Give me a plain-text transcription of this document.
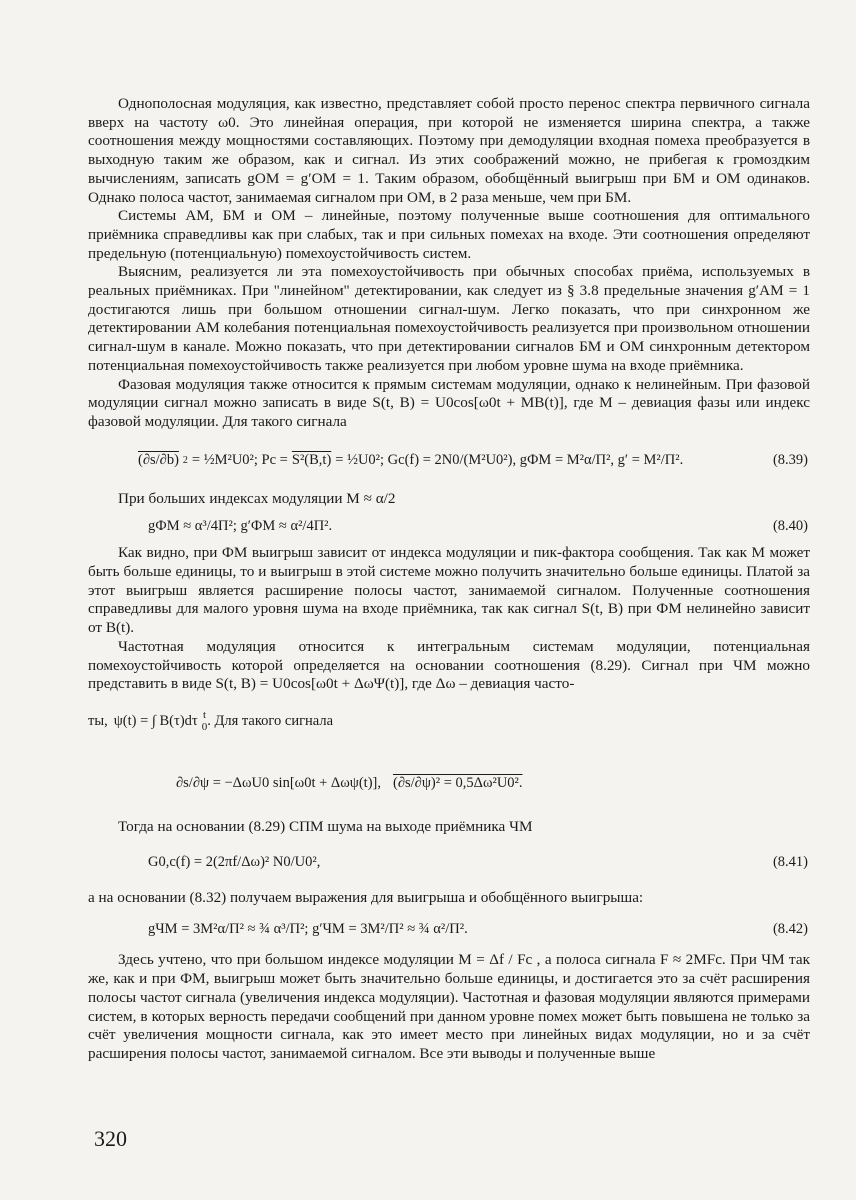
Однополосная модуляция, как известно, представляет собой просто перенос спектра первичного сигнала вверх на частоту ω0. Это линейная операция, при которой не изменяется ширина спектра, а также соотношения между мощностями составляющих. Поэтому при демодуляции входная помеха преобразуется в выходную таким же образом, как и сигнал. Из этих соображений можно, не прибегая к громоздким вычислениям, записать gОМ = g′ОМ = 1. Таким образом, обобщённый выигрыш при БМ и ОМ одинаков. Однако полоса частот, занимаемая сигналом при ОМ, в 2 раза меньше, чем при БМ.

Системы АМ, БМ и ОМ – линейные, поэтому полученные выше соотношения для оптимального приёмника справедливы как при слабых, так и при сильных помехах на входе. Эти соотношения определяют предельную (потенциальную) помехоустойчивость систем.

Выясним, реализуется ли эта помехоустойчивость при обычных способах приёма, используемых в реальных приёмниках. При "линейном" детектировании, как следует из § 3.8 предельные значения g′АМ = 1 достигаются лишь при большом отношении сигнал-шум. Легко показать, что при синхронном же детектировании АМ колебания потенциальная помехоустойчивость реализуется при произвольном отношении сигнал-шум в канале. Можно показать, что при детектировании сигналов БМ и ОМ синхронным детектором потенциальная помехоустойчивость также реализуется при любом уровне шума на входе приёмника.

Фазовая модуляция также относится к прямым системам модуляции, однако к нелинейным. При фазовой модуляции сигнал можно записать в виде S(t, B) = U0cos[ω0t + MB(t)], где M – девиация фазы или индекс фазовой модуляции. Для такого сигнала

(∂s/∂b) 2 = ½M²U0²; Pc = S²(B,t) = ½U0²; Gc(f) = 2N0/(M²U0²), gФМ = M²α/Π², g′ = M²/Π².	(8.39)

При больших индексах модуляции M ≈ α/2

gФМ ≈ α³/4Π²; g′ФМ ≈ α²/4Π².	(8.40)

Как видно, при ФМ выигрыш зависит от индекса модуляции и пик-фактора сообщения. Так как M может быть больше единицы, то и выигрыш в этой системе можно получить значительно больше единицы. Платой за этот выигрыш является расширение полосы частот, занимаемой сигналом. Полученные соотношения справедливы для малого уровня шума на входе приёмника, так как сигнал S(t, B) при ФМ нелинейно зависит от B(t).

Частотная модуляция относится к интегральным системам модуляции, потенциальная помехоустойчивость которой определяется на основании соотношения (8.29). Сигнал при ЧМ можно представить в виде S(t, B) = U0cos[ω0t + ΔωΨ(t)], где Δω – девиация часто-

ты, ψ(t) = ∫ B(τ)dτ t
0 . Для такого сигнала
∂s/∂ψ = −ΔωU0 sin[ω0t + Δωψ(t)], (∂s/∂ψ)² = 0,5Δω²U0².

Тогда на основании (8.29) СПМ шума на выходе приёмника ЧМ

G0,c(f) = 2(2πf/Δω)² N0/U0²,	(8.41)

а на основании (8.32) получаем выражения для выигрыша и обобщённого выигрыша:

gЧМ = 3M²α/Π² ≈ ¾ α³/Π²; g′ЧМ = 3M²/Π² ≈ ¾ α²/Π².	(8.42)

Здесь учтено, что при большом индексе модуляции M = Δf / Fc , а полоса сигнала F ≈ 2MFc. При ЧМ так же, как и при ФМ, выигрыш может быть значительно больше единицы, и достигается это за счёт расширения полосы частот сигнала (увеличения индекса модуляции). Частотная и фазовая модуляции являются примерами систем, в которых верность передачи сообщений при данном уровне помех может быть повышена не только за счёт увеличения мощности сигнала, как это имеет место при линейных видах модуляции, но и за счёт расширения полосы частот, занимаемой сигналом. Все эти выводы и полученные выше

320
